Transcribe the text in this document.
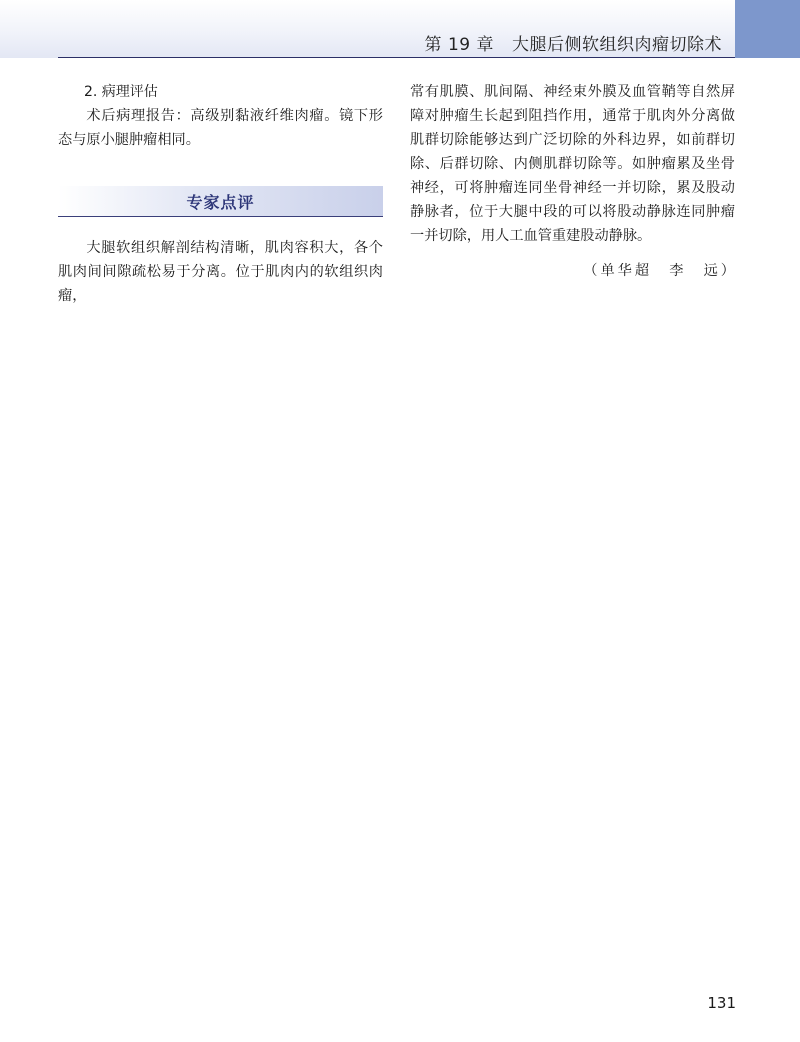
第 19 章 大腿后侧软组织肉瘤切除术
2. 病理评估

术后病理报告：高级别黏液纤维肉瘤。镜下形态与原小腿肿瘤相同。

专家点评

大腿软组织解剖结构清晰，肌肉容积大，各个肌肉间间隙疏松易于分离。位于肌肉内的软组织肉瘤，

常有肌膜、肌间隔、神经束外膜及血管鞘等自然屏障对肿瘤生长起到阻挡作用，通常于肌肉外分离做肌群切除能够达到广泛切除的外科边界，如前群切除、后群切除、内侧肌群切除等。如肿瘤累及坐骨神经，可将肿瘤连同坐骨神经一并切除，累及股动静脉者，位于大腿中段的可以将股动静脉连同肿瘤一并切除，用人工血管重建股动静脉。

（单华超　李　远）
131
